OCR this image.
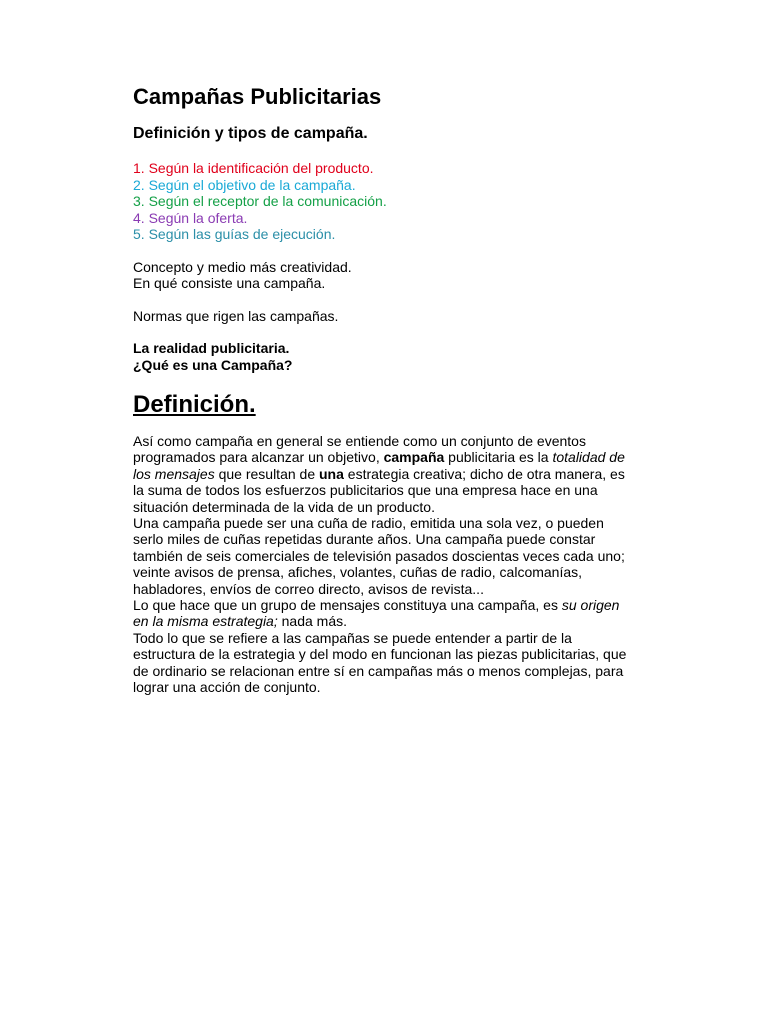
Campañas Publicitarias
Definición y tipos de campaña.
1. Según la identificación del producto.
2. Según el objetivo de la campaña.
3. Según el receptor de la comunicación.
4. Según la oferta.
5. Según las guías de ejecución.
Concepto y medio más creatividad.
En qué consiste una campaña.
Normas que rigen las campañas.
La realidad publicitaria.
¿Qué es una Campaña?
Definición.
Así como campaña en general se entiende como un conjunto de eventos programados para alcanzar un objetivo, campaña publicitaria es la totalidad de los mensajes que resultan de una estrategia creativa; dicho de otra manera, es la suma de todos los esfuerzos publicitarios que una empresa hace en una situación determinada de la vida de un producto.
Una campaña puede ser una cuña de radio, emitida una sola vez, o pueden serlo miles de cuñas repetidas durante años. Una campaña puede constar también de seis comerciales de televisión pasados doscientas veces cada uno; veinte avisos de prensa, afiches, volantes, cuñas de radio, calcomanías, habladores, envíos de correo directo, avisos de revista...
Lo que hace que un grupo de mensajes constituya una campaña, es su origen en la misma estrategia; nada más.
Todo lo que se refiere a las campañas se puede entender a partir de la estructura de la estrategia y del modo en funcionan las piezas publicitarias, que de ordinario se relacionan entre sí en campañas más o menos complejas, para lograr una acción de conjunto.
